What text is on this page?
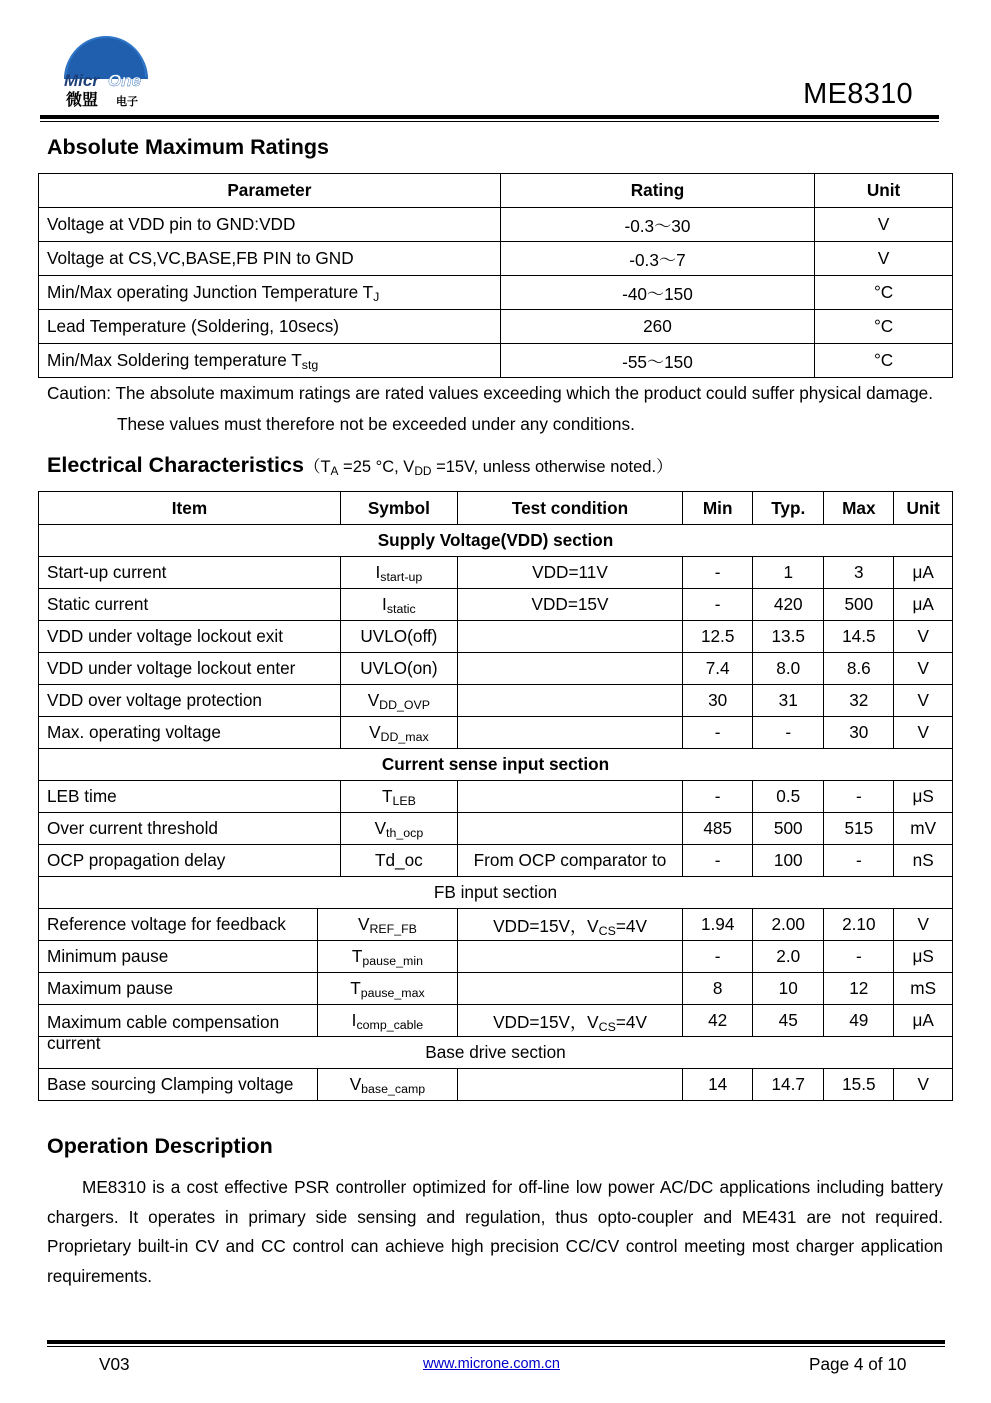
Micr One
微盟 电子	ME8310
Absolute Maximum Ratings
Parameter	Rating	Unit
Voltage at VDD pin to GND:VDD	-0.3～30	V
Voltage at CS,VC,BASE,FB PIN to GND	-0.3～7	V
Min/Max operating Junction Temperature $T_J$	-40～150	°C
Lead Temperature (Soldering, 10secs)	260	°C
Min/Max Soldering temperature $T_{stg}$	-55～150	°C
Caution: The absolute maximum ratings are rated values exceeding which the product could suffer physical damage.
These values must therefore not be exceeded under any conditions.
Electrical $Characteristics(T_A =25$ °C, $V_{DD} =15V$, unless otherwise noted.）
Item		Symbol	Test condition	Min	Typ.	Max	Unit
Supply Voltage(VDD) section							
Start-up current		$I_{start-up}$	VDD=11V	-	1	3	μA
Static current		$I_{static}$	VDD=15V	-	420	500	μA
VDD under voltage lockout exit		UVLO(off)		12.5	13.5	14.5	V
VDD under voltage lockout enter		UVLO(on)		7.4	8.0	8.6	V
VDD over voltage protection		$V_{DD\_OVP}$		30	31	32	V
Max. operating voltage		$V_{DD\_max}$		-	-	30	V
Current sense input section							
LEB time		$T_{LEB}$		-	0.5	-	μS
Over current threshold		$V_{th\_ocp}$		485	500	515	mV
OCP propagation delay		Td_oc	From OCP comparator to	-	100	-	nS
FB input section							
Reference voltage for feedback	$V_{REF\_FB}$		VDD=15V，$V_{CS}=4V$	1.94	2.00	2.10	V
Minimum pause	$T_{pause\_min}$			-	2.0	-	μS
Maximum pause	$T_{pause\_max}$			8	10	12	mS

Maximum cable compensation current	$I_{comp\_cable}$		VDD=15V，$V_{CS}=4V$	42	45	49	μA
Base drive section							
Base sourcing Clamping voltage	$V_{base\_camp}$			14	14.7	15.5	V
Operation Description
ME8310 is a cost effective PSR controller optimized for off-line low power AC/DC applications including battery chargers. It operates in primary side sensing and regulation, thus opto-coupler and ME431 are not required. Proprietary built-in CV and CC control can achieve high precision CC/CV control meeting most charger application requirements.
V03	www.microne.com.cn	Page 4 of 10
